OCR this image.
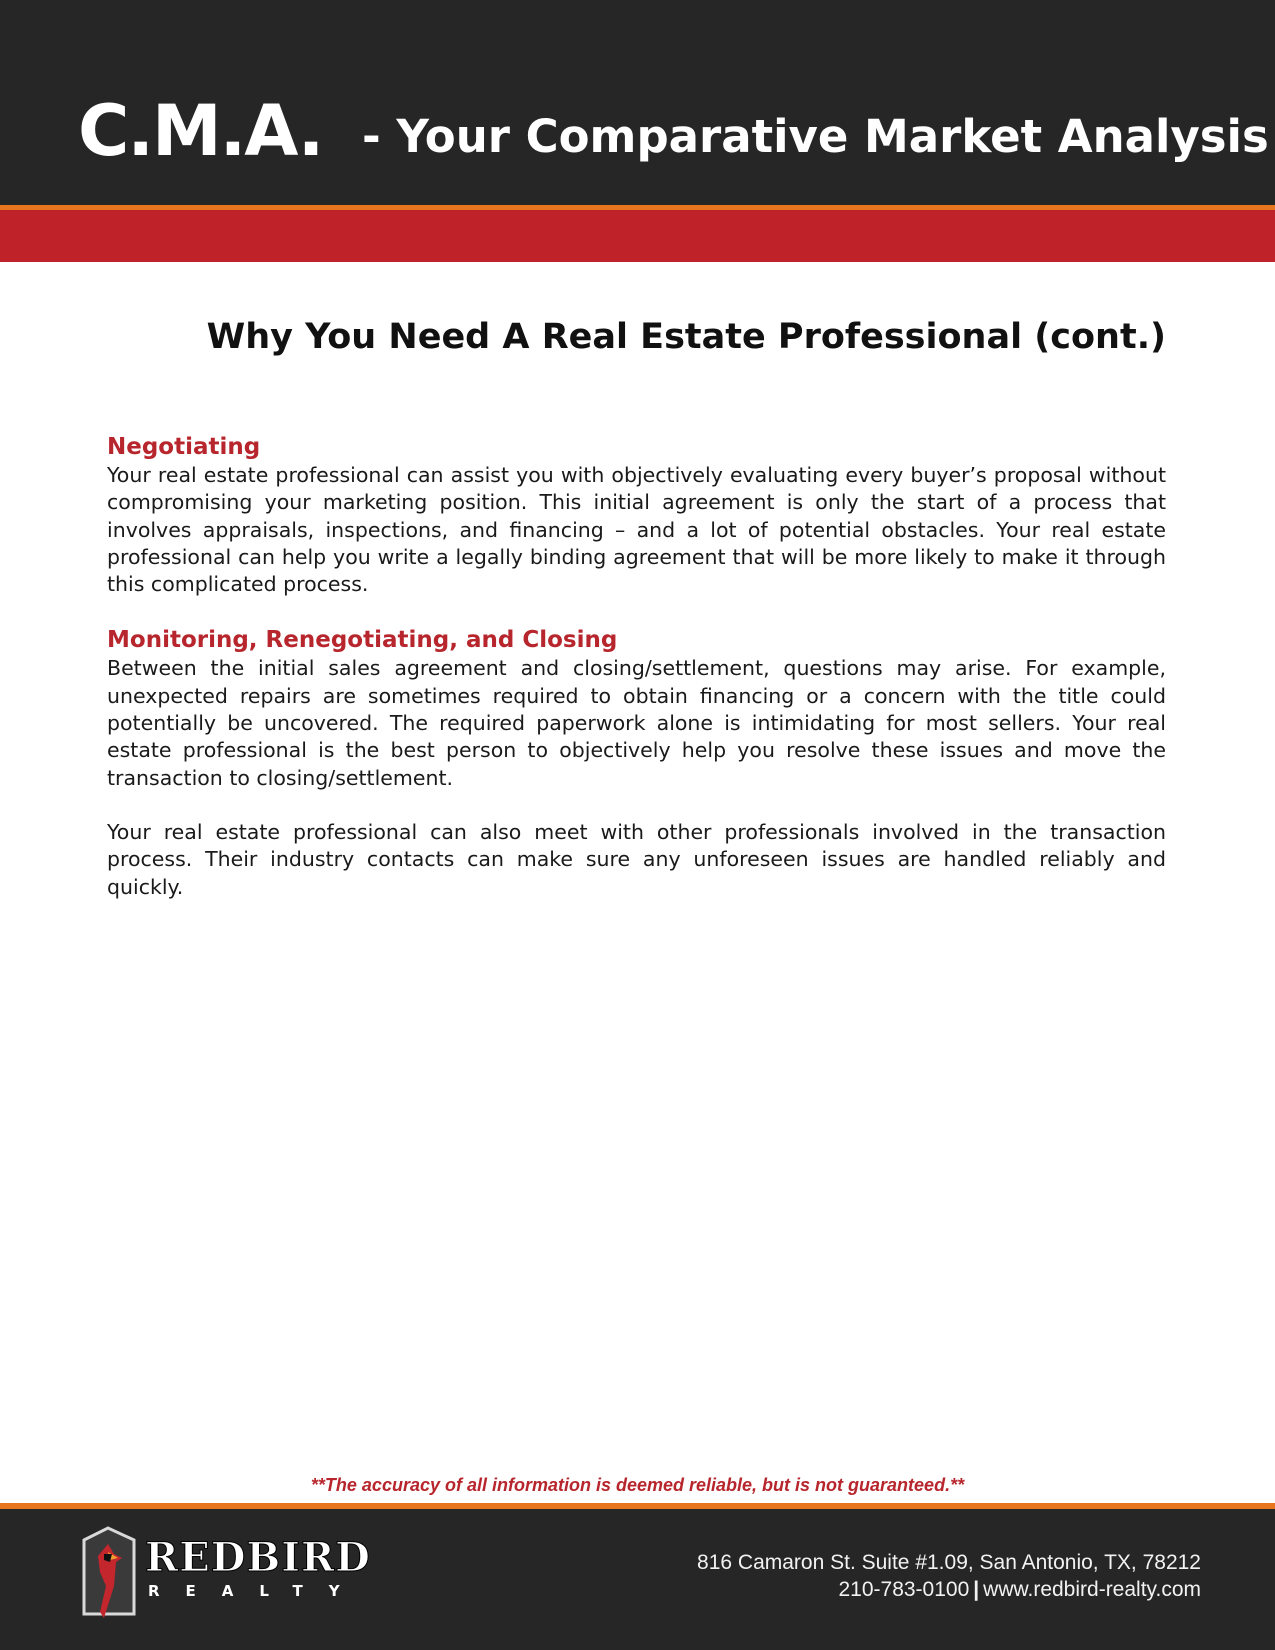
C.M.A. - Your Comparative Market Analysis
Why You Need A Real Estate Professional (cont.)

Negotiating

Your real estate professional can assist you with objectively evaluating every buyer’s proposal without compromising your marketing position. This initial agreement is only the start of a process that involves appraisals, inspections, and financing – and a lot of potential obstacles. Your real estate professional can help you write a legally binding agreement that will be more likely to make it through this complicated process.

Monitoring, Renegotiating, and Closing

Between the initial sales agreement and closing/settlement, questions may arise. For example, unexpected repairs are sometimes required to obtain financing or a concern with the title could potentially be uncovered. The required paperwork alone is intimidating for most sellers. Your real estate professional is the best person to objectively help you resolve these issues and move the transaction to closing/settlement.

Your real estate professional can also meet with other professionals involved in the transaction process. Their industry contacts can make sure any unforeseen issues are handled reliably and quickly.

**The accuracy of all information is deemed reliable, but is not guaranteed.**
REDBIRD
REALTY
816 Camaron St. Suite #1.09, San Antonio, TX, 78212
210-783-0100 | www.redbird-realty.com
